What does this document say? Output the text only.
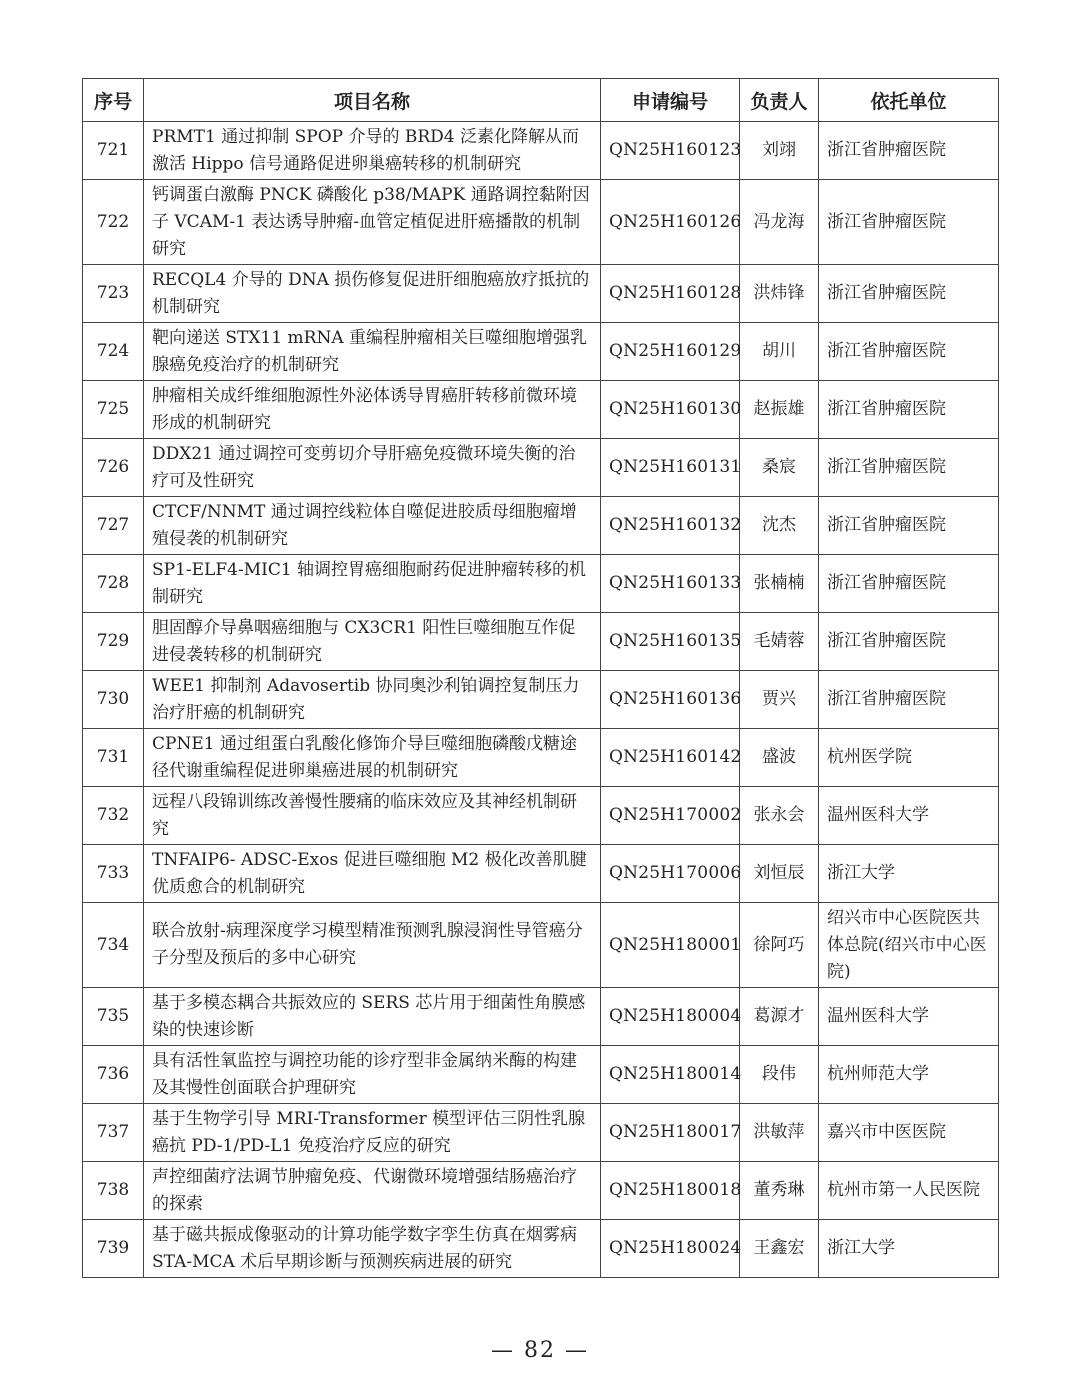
序号	项目名称	申请编号	负责人	依托单位
721	PRMT1 通过抑制 SPOP 介导的 BRD4 泛素化降解从而激活 Hippo 信号通路促进卵巢癌转移的机制研究	QN25H160123	刘翊	浙江省肿瘤医院
722	钙调蛋白激酶 PNCK 磷酸化 p38/MAPK 通路调控黏附因子 VCAM-1 表达诱导肿瘤-血管定植促进肝癌播散的机制研究	QN25H160126	冯龙海	浙江省肿瘤医院
723	RECQL4 介导的 DNA 损伤修复促进肝细胞癌放疗抵抗的机制研究	QN25H160128	洪炜锋	浙江省肿瘤医院
724	靶向递送 STX11 mRNA 重编程肿瘤相关巨噬细胞增强乳腺癌免疫治疗的机制研究	QN25H160129	胡川	浙江省肿瘤医院
725	肿瘤相关成纤维细胞源性外泌体诱导胃癌肝转移前微环境形成的机制研究	QN25H160130	赵振雄	浙江省肿瘤医院
726	DDX21 通过调控可变剪切介导肝癌免疫微环境失衡的治疗可及性研究	QN25H160131	桑宸	浙江省肿瘤医院
727	CTCF/NNMT 通过调控线粒体自噬促进胶质母细胞瘤增殖侵袭的机制研究	QN25H160132	沈杰	浙江省肿瘤医院
728	SP1-ELF4-MIC1 轴调控胃癌细胞耐药促进肿瘤转移的机制研究	QN25H160133	张楠楠	浙江省肿瘤医院
729	胆固醇介导鼻咽癌细胞与 CX3CR1 阳性巨噬细胞互作促进侵袭转移的机制研究	QN25H160135	毛婧蓉	浙江省肿瘤医院
730	WEE1 抑制剂 Adavosertib 协同奥沙利铂调控复制压力治疗肝癌的机制研究	QN25H160136	贾兴	浙江省肿瘤医院
731	CPNE1 通过组蛋白乳酸化修饰介导巨噬细胞磷酸戊糖途径代谢重编程促进卵巢癌进展的机制研究	QN25H160142	盛波	杭州医学院
732	远程八段锦训练改善慢性腰痛的临床效应及其神经机制研究	QN25H170002	张永会	温州医科大学
733	TNFAIP6- ADSC-Exos 促进巨噬细胞 M2 极化改善肌腱优质愈合的机制研究	QN25H170006	刘恒辰	浙江大学
734	联合放射-病理深度学习模型精准预测乳腺浸润性导管癌分子分型及预后的多中心研究	QN25H180001	徐阿巧	绍兴市中心医院医共体总院(绍兴市中心医院)
735	基于多模态耦合共振效应的 SERS 芯片用于细菌性角膜感染的快速诊断	QN25H180004	葛源才	温州医科大学
736	具有活性氧监控与调控功能的诊疗型非金属纳米酶的构建及其慢性创面联合护理研究	QN25H180014	段伟	杭州师范大学
737	基于生物学引导 MRI-Transformer 模型评估三阴性乳腺癌抗 PD-1/PD-L1 免疫治疗反应的研究	QN25H180017	洪敏萍	嘉兴市中医医院
738	声控细菌疗法调节肿瘤免疫、代谢微环境增强结肠癌治疗的探索	QN25H180018	董秀琳	杭州市第一人民医院
739	基于磁共振成像驱动的计算功能学数字孪生仿真在烟雾病 STA-MCA 术后早期诊断与预测疾病进展的研究	QN25H180024	王鑫宏	浙江大学
— 82 —
